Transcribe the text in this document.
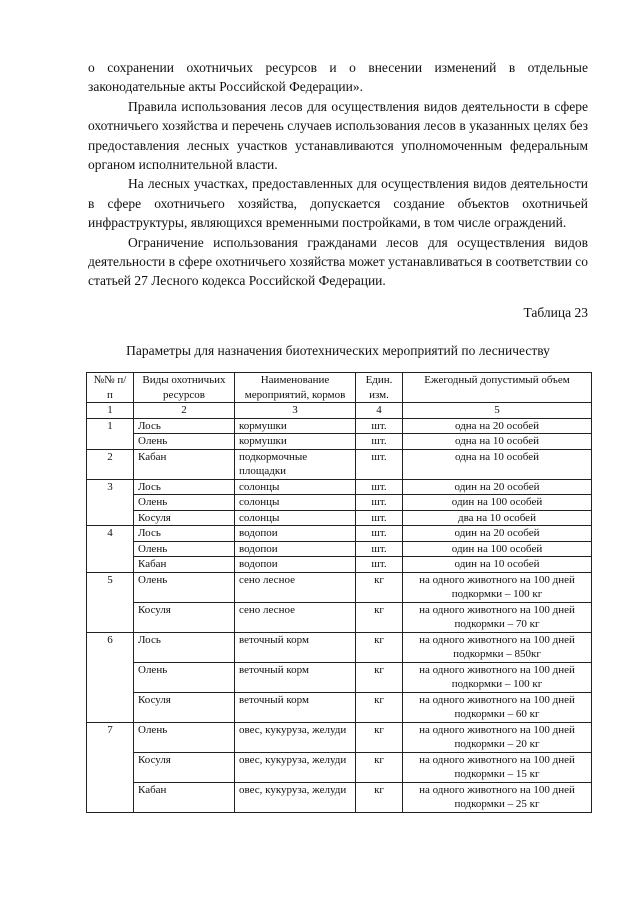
о сохранении охотничьих ресурсов и о внесении изменений в отдельные законодательные акты Российской Федерации».

Правила использования лесов для осуществления видов деятельности в сфере охотничьего хозяйства и перечень случаев использования лесов в указанных целях без предоставления лесных участков устанавливаются уполномоченным федеральным органом исполнительной власти.

На лесных участках, предоставленных для осуществления видов деятельности в сфере охотничьего хозяйства, допускается создание объектов охотничьей инфраструктуры, являющихся временными постройками, в том числе ограждений.

Ограничение использования гражданами лесов для осуществления видов деятельности в сфере охотничьего хозяйства может устанавливаться в соответствии со статьей 27 Лесного кодекса Российской Федерации.

Таблица 23
Параметры для назначения биотехнических мероприятий по лесничеству
№№ п/п	Виды охотничьих ресурсов	Наименование мероприятий, кормов	Един. изм.	Ежегодный допустимый объем
1	2	3	4	5
1	Лось	кормушки	шт.	одна на 20 особей
	Олень	кормушки	шт.	одна на 10 особей
2	Кабан	подкормочные площадки	шт.	одна на 10 особей
3	Лось	солонцы	шт.	один на 20 особей
	Олень	солонцы	шт.	один на 100 особей
	Косуля	солонцы	шт.	два на 10 особей
4	Лось	водопои	шт.	один на 20 особей
	Олень	водопои	шт.	один на 100 особей
	Кабан	водопои	шт.	один на 10 особей
5	Олень	сено лесное	кг	на одного животного на 100 дней подкормки – 100 кг
	Косуля	сено лесное	кг	на одного животного на 100 дней подкормки – 70 кг
6	Лось	веточный корм	кг	на одного животного на 100 дней подкормки – 850кг
	Олень	веточный корм	кг	на одного животного на 100 дней подкормки – 100 кг
	Косуля	веточный корм	кг	на одного животного на 100 дней подкормки – 60 кг
7	Олень	овес, кукуруза, желуди	кг	на одного животного на 100 дней подкормки – 20 кг
	Косуля	овес, кукуруза, желуди	кг	на одного животного на 100 дней подкормки – 15 кг
	Кабан	овес, кукуруза, желуди	кг	на одного животного на 100 дней подкормки – 25 кг
